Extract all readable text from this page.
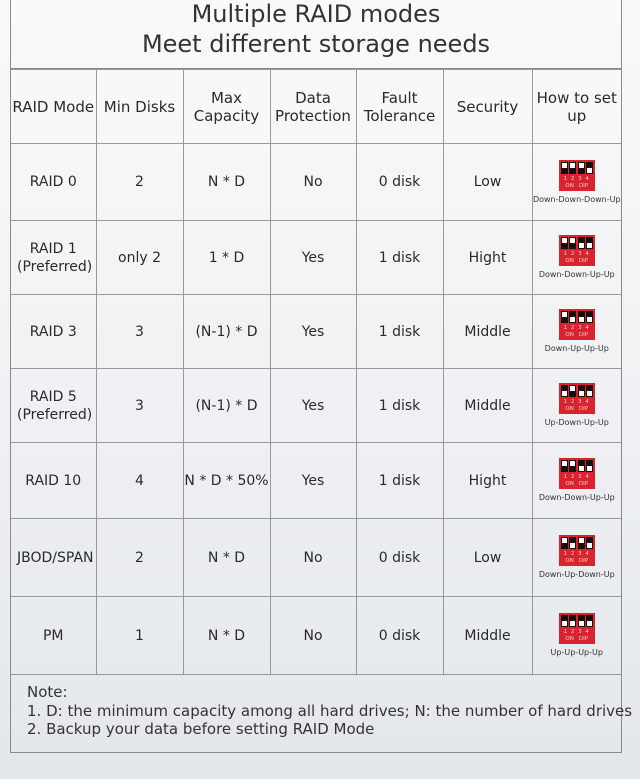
Multiple RAID modes
Meet different storage needs
RAID Mode	Min Disks	Max Capacity	Data Protection	Fault Tolerance	Security	How to set up
RAID 0	2	N * D	No	0 disk	Low	1 2 3 4
ON DIP
Down-Down-Down-Up

RAID 1 (Preferred)	only 2	1 * D	Yes	1 disk	Hight	1 2 3 4
ON DIP
Down-Down-Up-Up

RAID 3	3	(N-1) * D	Yes	1 disk	Middle	1 2 3 4
ON DIP
Down-Up-Up-Up

RAID 5 (Preferred)	3	(N-1) * D	Yes	1 disk	Middle	1 2 3 4
ON DIP
Up-Down-Up-Up

RAID 10	4	N * D * 50%	Yes	1 disk	Hight	1 2 3 4
ON DIP
Down-Down-Up-Up

JBOD/SPAN	2	N * D	No	0 disk	Low	1 2 3 4
ON DIP
Down-Up-Down-Up

PM	1	N * D	No	0 disk	Middle	1 2 3 4
ON DIP
Up-Up-Up-Up
Note:
1. D: the minimum capacity among all hard drives; N: the number of hard drives
2. Backup your data before setting RAID Mode
